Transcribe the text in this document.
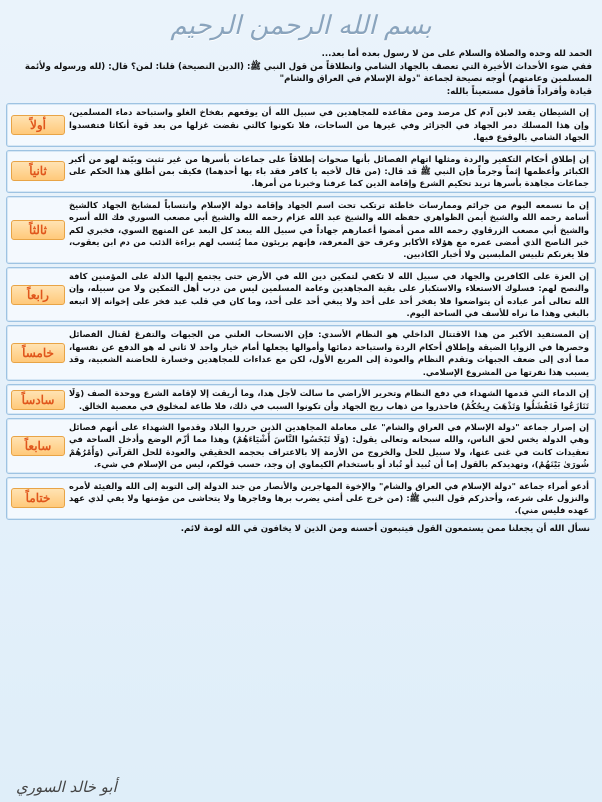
بسم الله الرحمن الرحيم

الحمد لله وحده والصلاة والسلام على من لا رسول بعده أما بعد...

ففي ضوء الأحداث الأخيرة التي تعصف بالجهاد الشامي وانطلاقاً من قول النبي ﷺ: (الدين النصيحة) قلنا: لمن؟ قال: (لله ورسوله ولأئمة المسلمين وعامتهم) أوجه نصيحة لجماعة "دولة الإسلام في العراق والشام"

قيادة وأفراداً فأقول مستعيناً بالله:

أولاً
إن الشيطان يقعد لابن آدم كل مرصد ومن مقاعده للمجاهدين في سبيل الله أن يوقعهم بفخاخ الغلو واستباحة دماء المسلمين، وإن هذا المسلك دمر الجهاد في الجزائر وفي غيرها من الساحات، فلا تكونوا كالتي نقضت غزلها من بعد قوة أنكاثا فتفسدوا الجهاد الشامي بالوقوع فيها.
ثانياً
إن إطلاق أحكام التكفير والردة ومثلها اتهام الفصائل بأنها صحوات إطلاقاً على جماعات بأسرها من غير تثبت وبيّنة لهو من أكبر الكبائر وأعظمها إثماً وجرماً فإن النبي ﷺ قد قال: (من قال لأخيه يا كافر فقد باء بها أحدهما) فكيف بمن أطلق هذا الحكم على جماعات مجاهدة بأسرها تريد تحكيم الشرع وإقامة الدين كما عرفنا وخبرنا من أمرها.
ثالثاً
إن ما نسمعه اليوم من جرائم وممارسات خاطئة ترتكب تحت اسم الجهاد وإقامة دولة الإسلام وانتساباً لمشايخ الجهاد كالشيخ أسامة رحمه الله والشيخ أيمن الظواهري حفظه الله والشيخ عبد الله عزام رحمه الله والشيخ أبي مصعب السوري فك الله أسره والشيخ أبي مصعب الزرقاوي رحمه الله ممن أمضوا أعمارهم جهاداً في سبيل الله يبعد كل البعد عن المنهج السوي، فخبري لكم خبر الناصح الذي أمضى عمره مع هؤلاء الأكابر وعرف حق المعرفة، فإنهم بريئون مما يُنسب لهم براءة الذئب من دم ابن يعقوب، فلا يغرنكم تلبيس الملبسين ولا أخبار الكاذبين.
رابعاً
إن العزة على الكافرين والجهاد في سبيل الله لا تكفي لتمكين دين الله في الأرض حتى يجتمع إليها الذلة على المؤمنين كافة والنصح لهم: فسلوك الاستعلاء والاستكبار على بقية المجاهدين وعامة المسلمين ليس من درب أهل التمكين ولا من سبيله، وإن الله تعالى أمر عباده أن يتواضعوا فلا يفخر أحد على أحد ولا يبغي أحد على أحد، وما كان في قلب عبد فخر على إخوانه إلا اتبعه بالبغي وهذا ما نراه للأسف في الساحة اليوم.
خامساً
إن المستفيد الأكبر من هذا الاقتتال الداخلي هو النظام الأسدي: فإن الانسحاب العلني من الجبهات والتفرغ لقتال الفصائل وحصرها في الزوايا الضيقة وإطلاق أحكام الردة واستباحة دمائها وأموالها يجعلها أمام خيار واحد لا ثاني له هو الدفع عن نفسها، مما أدى إلى ضعف الجبهات وتقدم النظام والعودة إلى المربع الأول، لكن مع عداءات للمجاهدين وخسارة للحاضنة الشعبية، وقد يسبب هذا نفرتها من المشروع الإسلامي.
سادساً	إن الدماء التي قدمها الشهداء في دفع النظام وتحرير الأراضي ما سالت لأجل هدا، وما أريقت إلا لإقامة الشرع ووحدة الصف (وَلَا تَنَازَعُوا فَتَفْشَلُوا وَتَذْهَبَ رِيحُكُمْ) فاحذروا من ذهاب ريح الجهاد وأن تكونوا السبب في ذلك، فلا طاعة لمخلوق في معصية الخالق.
سابعاً
إن إصرار جماعة "دولة الإسلام في العراق والشام" على معاملة المجاهدين الذين حرروا البلاد وقدموا الشهداء على أنهم فصائل وهي الدولة يخس لحق الناس، والله سبحانه وتعالى يقول: (وَلَا تَبْخَسُوا النَّاسَ أَشْيَاءَهُمْ) وهذا مما أزّم الوضع وأدخل الساحة في تعقيدات كانت في غنى عنها، ولا سبيل للحل والخروج من الأزمة إلا بالاعتراف بحجمه الحقيقي والعودة للحل القرآني (وَأَمْرُهُمْ شُورَىٰ بَيْنَهُمْ)، وتهديدكم بالقول إما أن تُبيد أو تُباد أو باستخدام الكيماوي إن وجد، حسب قولكم، ليس من الإسلام في شيء.
ختاماً
أدعو أمراء جماعة "دولة الإسلام في العراق والشام" والإخوة المهاجرين والأنصار من جند الدولة إلى التوبة إلى الله والفيئة لأمره والنزول على شرعه، وأحذركم قول النبي ﷺ: (من خرج على أمتي يضرب برها وفاجرها ولا يتحاشى من مؤمنها ولا يفي لذي عهد عهده فليس مني).
نسأل الله أن يجعلنا ممن يستمعون القول فيتبعون أحسنه ومن الذين لا يخافون في الله لومة لائم.
أبو خالد السوري
